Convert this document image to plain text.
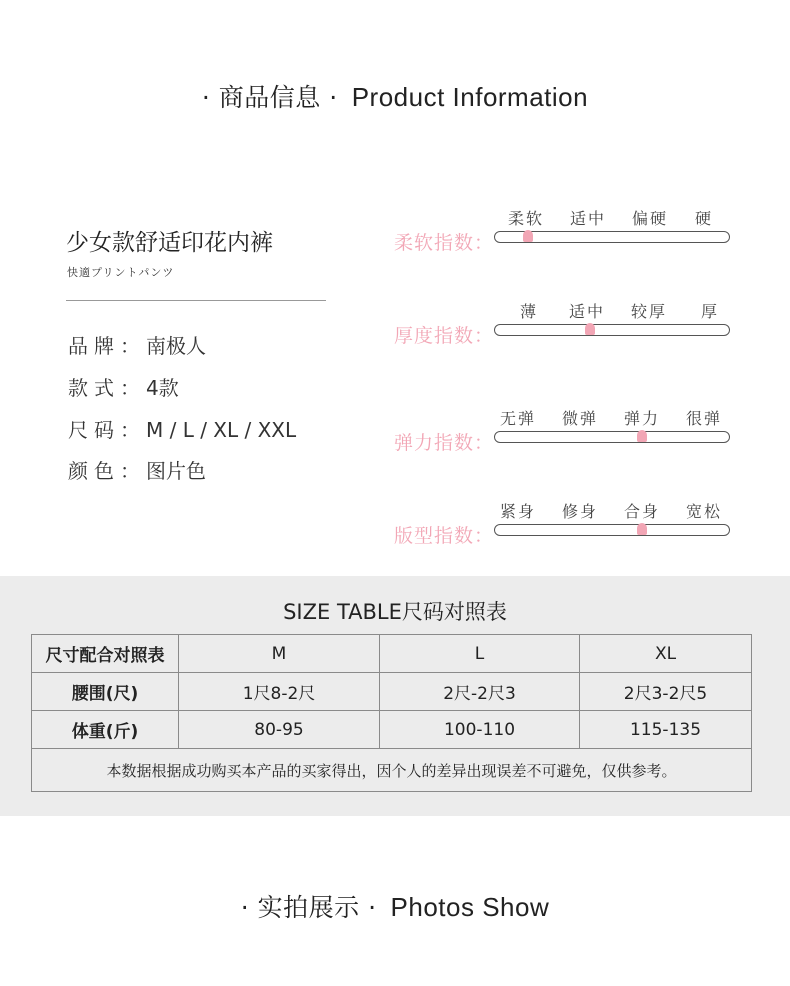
· 商品信息 · Product Information
少女款舒适印花内裤
快適プリントパンツ
品牌：南极人
款式：4款
尺码：M / L / XL / XXL
颜色：图片色
柔软 适中 偏硬 硬
柔软指数：
薄 适中 较厚 厚
厚度指数：
无弹 微弹 弹力 很弹
弹力指数：
紧身 修身 合身 宽松
版型指数：
SIZE TABLE尺码对照表
尺寸配合对照表	M	L	XL
腰围(尺)	1尺8-2尺	2尺-2尺3	2尺3-2尺5
体重(斤)	80-95	100-110	115-135
本数据根据成功购买本产品的买家得出，因个人的差异出现误差不可避免，仅供参考。			
· 实拍展示 · Photos Show
